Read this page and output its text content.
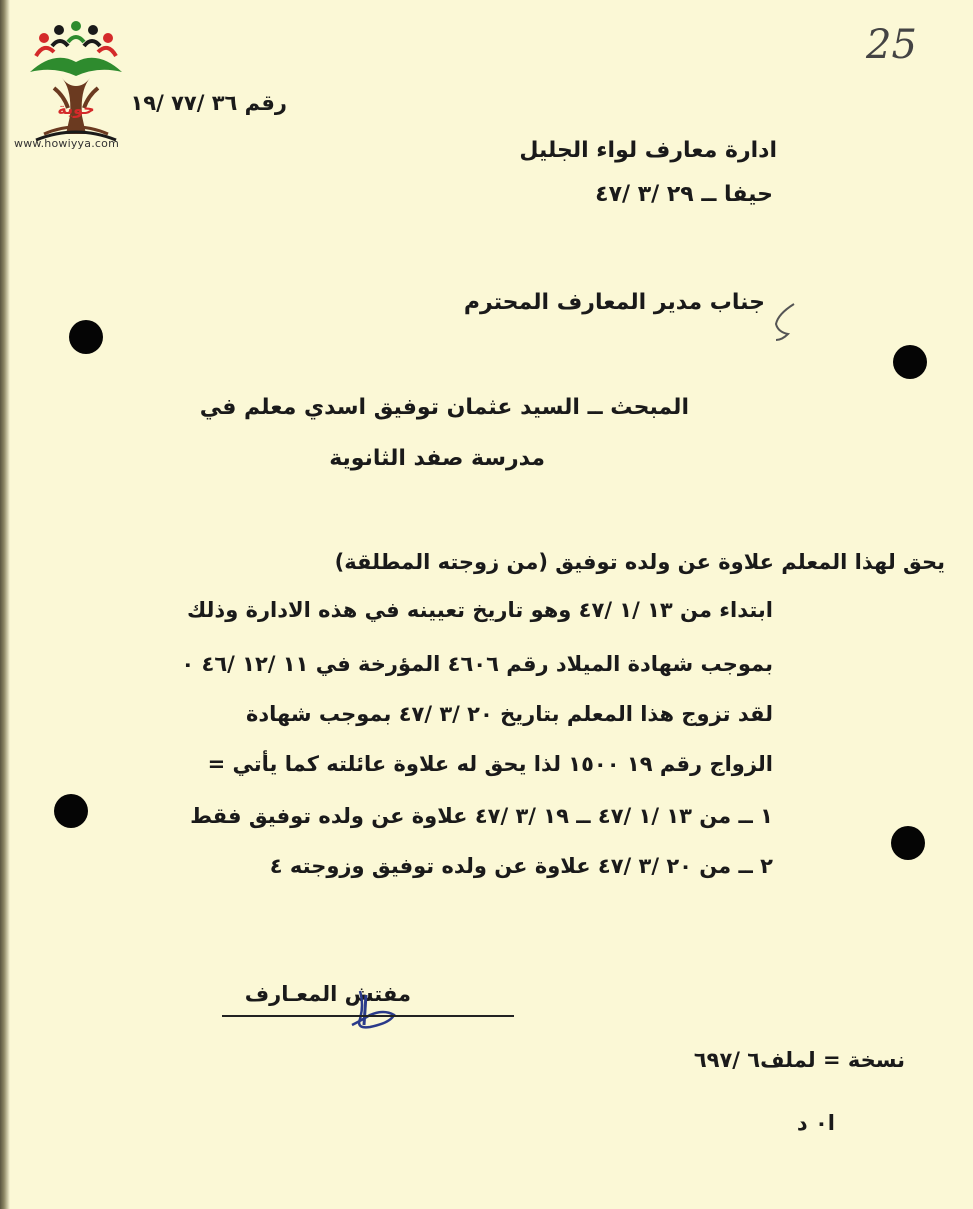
حوية
www.howiyya.com
25
رقم ٣٦ /٧٧ /١٩
ادارة معارف لواء الجليل
حيفا ــ ٢٩ /٣ /٤٧
جناب مدير المعارف المحترم
المبحث ــ السيد عثمان توفيق اسدي معلم في
مدرسة صفد الثانوية
يحق لهذا المعلم علاوة عن ولده توفيق (من زوجته المطلقة)
ابتداء من ١٣ /١ /٤٧ وهو تاريخ تعيينه في هذه الادارة وذلك
بموجب شهادة الميلاد رقم ٤٦٠٦ المؤرخة في ١١ /١٢ /٤٦ ٠
لقد تزوج هذا المعلم بتاريخ ٢٠ /٣ /٤٧ بموجب شهادة
الزواج رقم ١٩ ١٥٠٠ لذا يحق له علاوة عائلته كما يأتي =
١ ــ من ١٣ /١ /٤٧ ــ ١٩ /٣ /٤٧ علاوة عن ولده توفيق فقط
٢ ــ من ٢٠ /٣ /٤٧ علاوة عن ولده توفيق وزوجته ٤
مفتش المعـارف
نسخة = لملف٦ /٦٩٧
ا٠ د
